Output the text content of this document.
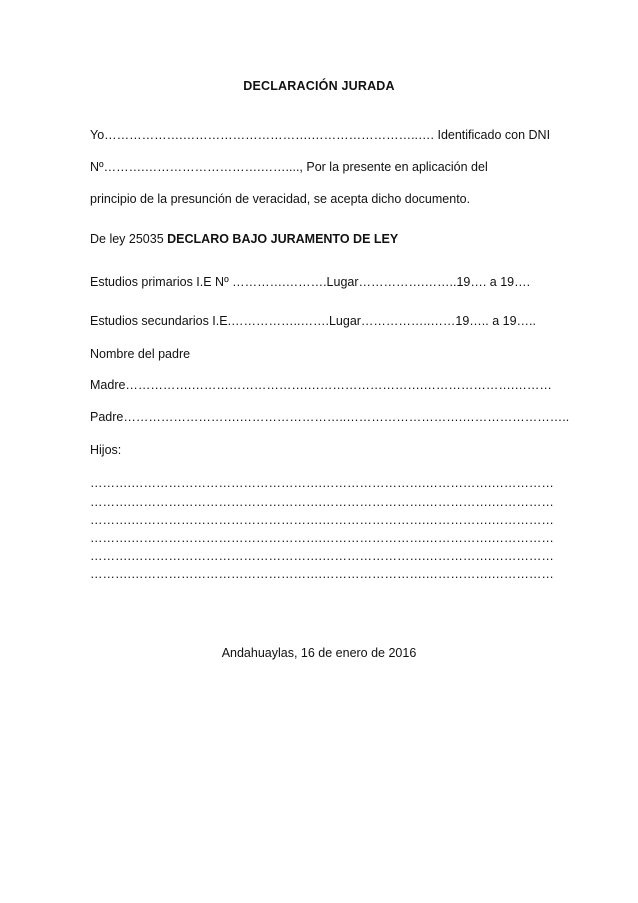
DECLARACIÓN JURADA
Yo……………….………………………….……………………..…. Identificado con DNI
Nº……….……………………….……...., Por la presente en aplicación del
principio de la presunción de veracidad, se acepta dicho documento.
De ley 25035 DECLARO BAJO JURAMENTO DE LEY
Estudios primarios I.E Nº ………….……….Lugar…………….……..19…. a 19….
Estudios secundarios I.E.……………..…….Lugar……………..……19….. a 19…..
Nombre del padre
Madre…………….……………………….……………………….………………….………
Padre……………………….……………………..……………………….……………………..
Hijos:
……….……………………………………….…………………….…………….……………
……….……………………………………….…………………….…………….……………
……….……………………………………….…………………….…………….……………
……….……………………………………….…………………….…………….……………
……….……………………………………….…………………….…………….……………
……….……………………………………….…………………….…………….……………
Andahuaylas, 16 de enero de 2016
